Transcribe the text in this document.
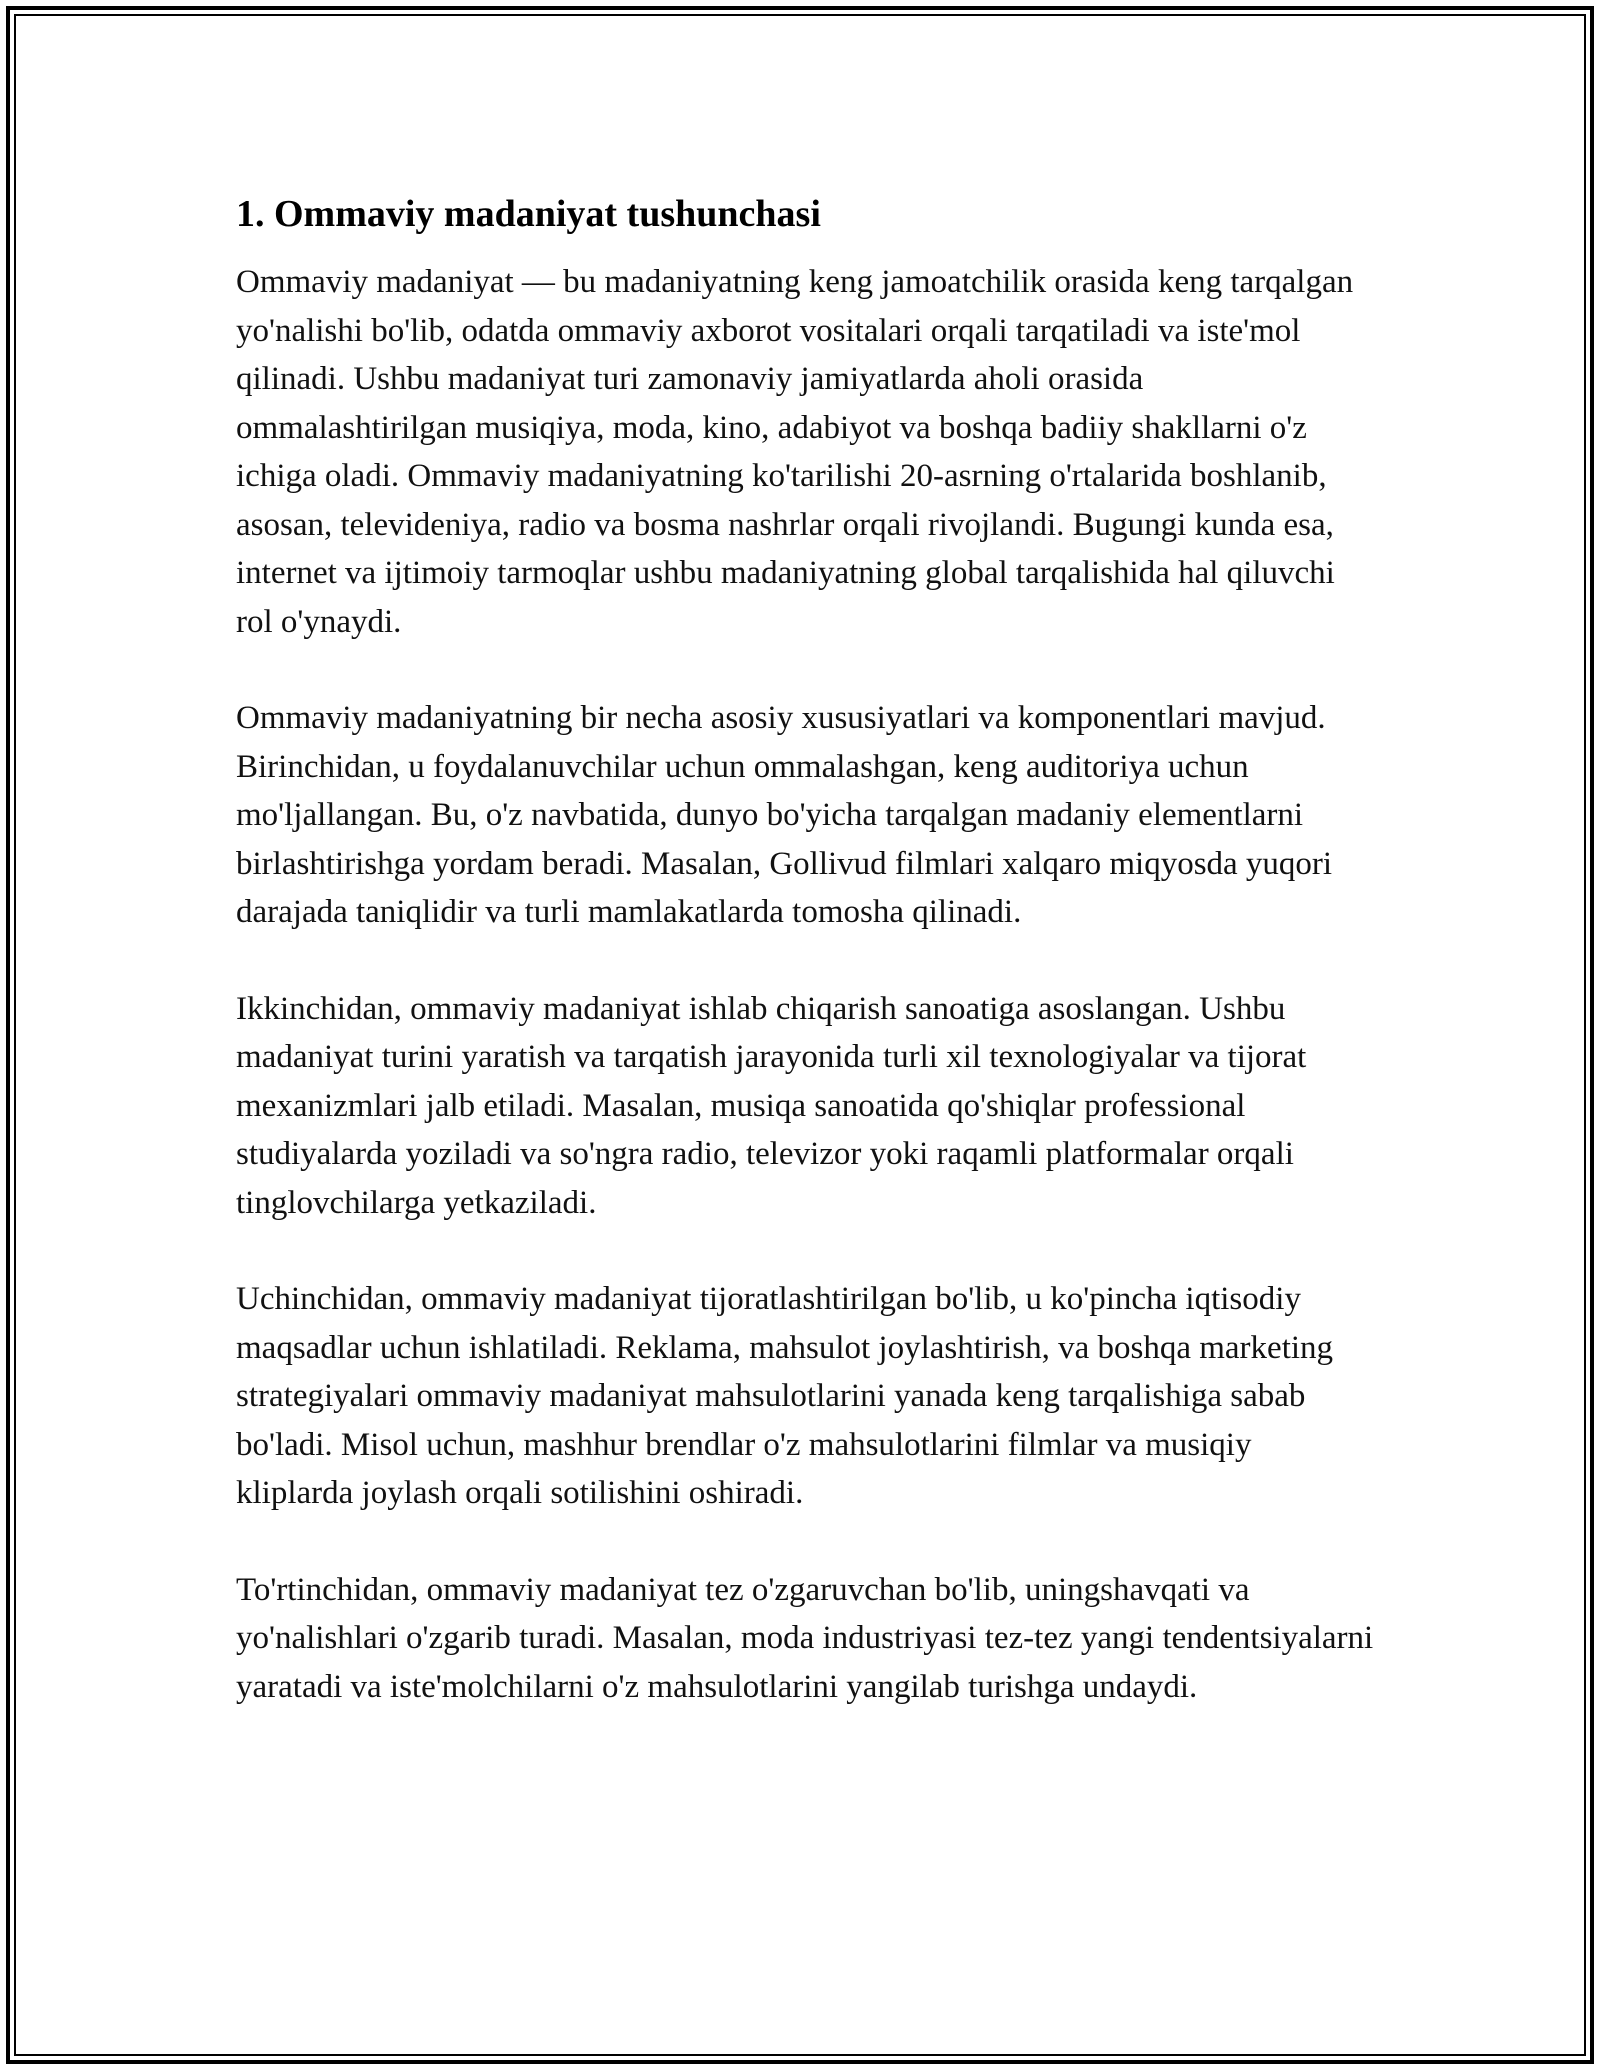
1. Ommaviy madaniyat tushunchasi

Ommaviy madaniyat — bu madaniyatning keng jamoatchilik orasida keng tarqalgan yo'nalishi bo'lib, odatda ommaviy axborot vositalari orqali tarqatiladi va iste'mol qilinadi. Ushbu madaniyat turi zamonaviy jamiyatlarda aholi orasida ommalashtirilgan musiqiya, moda, kino, adabiyot va boshqa badiiy shakllarni o'z ichiga oladi. Ommaviy madaniyatning ko'tarilishi 20-asrning o'rtalarida boshlanib, asosan, televideniya, radio va bosma nashrlar orqali rivojlandi. Bugungi kunda esa, internet va ijtimoiy tarmoqlar ushbu madaniyatning global tarqalishida hal qiluvchi rol o'ynaydi.

Ommaviy madaniyatning bir necha asosiy xususiyatlari va komponentlari mavjud. Birinchidan, u foydalanuvchilar uchun ommalashgan, keng auditoriya uchun mo'ljallangan. Bu, o'z navbatida, dunyo bo'yicha tarqalgan madaniy elementlarni birlashtirishga yordam beradi. Masalan, Gollivud filmlari xalqaro miqyosda yuqori darajada taniqlidir va turli mamlakatlarda tomosha qilinadi.

Ikkinchidan, ommaviy madaniyat ishlab chiqarish sanoatiga asoslangan. Ushbu madaniyat turini yaratish va tarqatish jarayonida turli xil texnologiyalar va tijorat mexanizmlari jalb etiladi. Masalan, musiqa sanoatida qo'shiqlar professional studiyalarda yoziladi va so'ngra radio, televizor yoki raqamli platformalar orqali tinglovchilarga yetkaziladi.

Uchinchidan, ommaviy madaniyat tijoratlashtirilgan bo'lib, u ko'pincha iqtisodiy maqsadlar uchun ishlatiladi. Reklama, mahsulot joylashtirish, va boshqa marketing strategiyalari ommaviy madaniyat mahsulotlarini yanada keng tarqalishiga sabab bo'ladi. Misol uchun, mashhur brendlar o'z mahsulotlarini filmlar va musiqiy kliplarda joylash orqali sotilishini oshiradi.

To'rtinchidan, ommaviy madaniyat tez o'zgaruvchan bo'lib, uningshavqati va yo'nalishlari o'zgarib turadi. Masalan, moda industriyasi tez-tez yangi tendentsiyalarni yaratadi va iste'molchilarni o'z mahsulotlarini yangilab turishga undaydi.
